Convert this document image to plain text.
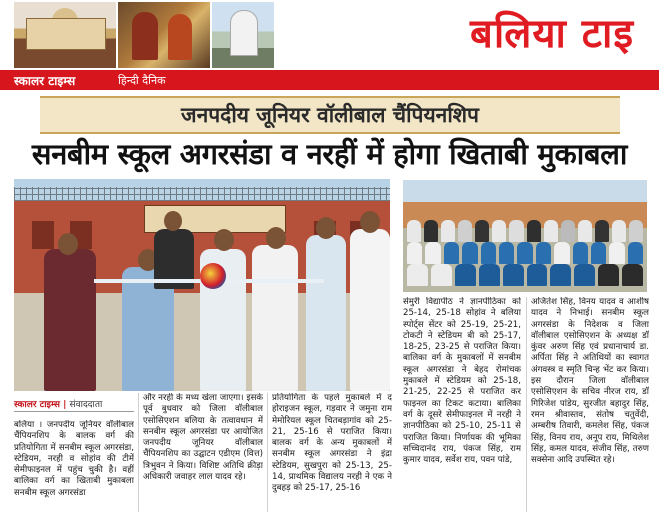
बलिया टाइ
स्कालर टाइम्स	हिन्दी दैनिक
जनपदीय जूनियर वॉलीबाल चैंपियनशिप
सनबीम स्कूल अगरसंडा व नरहीं में होगा खिताबी मुकाबला
स्कालर टाइम्स | संवाददाता
बलिया । जनपदीय जूनियर वॉलीबाल चैंपियनशिप के बालक वर्ग की प्रतियोगिता में सनबीम स्कूल अगरसंडा, स्टेडियम, नरही व सोहांव की टीमें सेमीफाइनल में पहुंच चुकी है। वहीं बालिका वर्ग का खिताबी मुकाबला सनबीम स्कूल अगरसंडा
और नरही के मध्य खेला जाएगा। इसके पूर्व बुधवार को जिला वॉलीबाल एसोसिएशन बलिया के तत्वावधान में सनबीम स्कूल अगरसंडा पर आयोजित जनपदीय जूनियर वॉलीबाल चैंपियनशिप का उद्घाटन एडीएम (वित्त) त्रिभुवन ने किया। विशिष्ट अतिथि क्रीड़ा अधिकारी जवाहर लाल यादव रहे।
प्रतियोगिता के पहले मुकाबले में द होराइजन स्कूल, गड़वार ने जमुना राम मेमोरियल स्कूल चितबड़ागांव को 25-21, 25-16 से पराजित किया। बालक वर्ग के अन्य मुकाबलों में सनबीम स्कूल अगरसंडा ने इंद्रा स्टेडियम, सुखपुरा को 25-13, 25-14, प्राथमिक विद्यालय नरही ने एक ने दुबहड़ को 25-17, 25-16
सेमुरी विद्यापीठ ने ज्ञानपीठिका को 25-14, 25-18 सोहांव ने बलिया स्पोर्ट्स सेंटर को 25-19, 25-21, टोकटी ने स्टेडियम बी को 25-17, 18-25, 23-25 से पराजित किया। बालिका वर्ग के मुकाबलों में सनबीम स्कूल अगरसंडा ने बेहद रोमांचक मुकाबले में स्टेडियम को 25-18, 21-25, 22-25 से पराजित कर फाइनल का टिकट कटाया। बालिका वर्ग के दूसरे सेमीफाइनल में नरही ने ज्ञानपीठिका को 25-10, 25-11 से पराजित किया। निर्णायक की भूमिका सच्चिदानंद राय, पंकज सिंह, राम कुमार यादव, सर्वेश राय, पवन पांडे,
अजितेश सिंह, विनय यादव व आशीष यादव ने निभाई। सनबीम स्कूल अगरसंडा के निदेशक व जिला वॉलीबाल एसोसिएशन के अध्यक्ष डॉ कुंवर अरुण सिंह एवं प्रधानाचार्य डा. अर्पिता सिंह ने अतिथियों का स्वागत अंगवस्त्र व स्मृति चिन्ह भेंट कर किया। इस दौरान जिला वॉलीबाल एसोसिएशन के सचिव नीरज राय, डॉ गिरिजेश पांडेय, सुरजीत बहादुर सिंह, रमन श्रीवास्तव, संतोष चतुर्वेदी, अम्बरीष तिवारी, कमलेश सिंह, पंकज सिंह, विनय राय, अनूप राय, मिथिलेश सिंह, कमल यादव, संजीव सिंह, तरुण सक्सेना आदि उपस्थित रहे।
